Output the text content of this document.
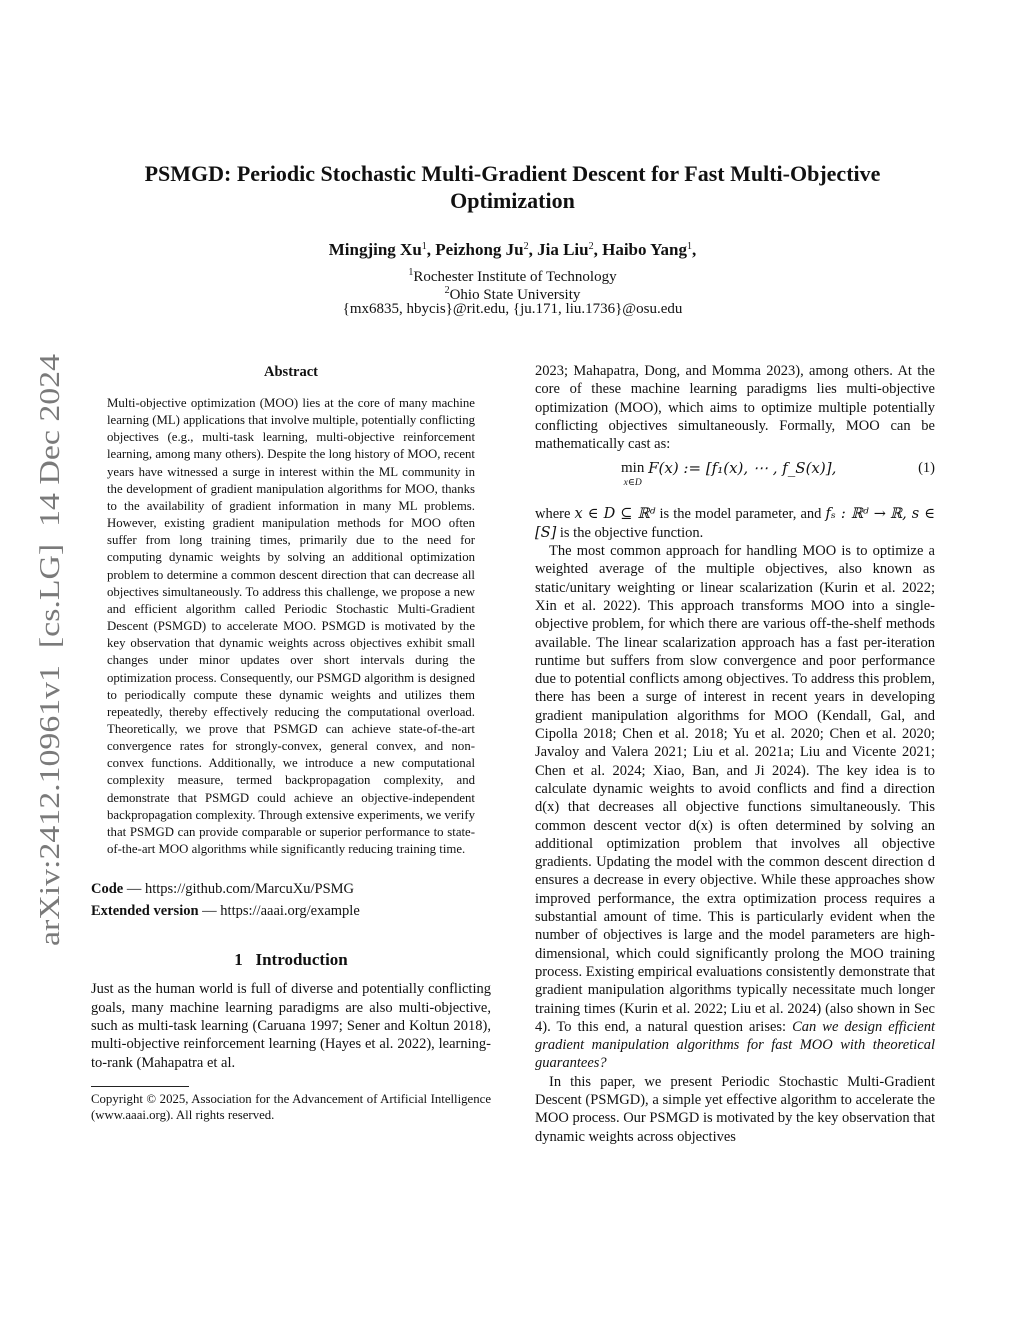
arXiv:2412.10961v1  [cs.LG]  14 Dec 2024
PSMGD: Periodic Stochastic Multi-Gradient Descent for Fast Multi-Objective Optimization
Mingjing Xu$^1$, Peizhong Ju$^2$, Jia Liu$^2$, Haibo Yang$^1$,
$^1$Rochester Institute of Technology
$^2$Ohio State University
{mx6835, hbycis}@rit.edu, {ju.171, liu.1736}@osu.edu
Abstract

Multi-objective optimization (MOO) lies at the core of many machine learning (ML) applications that involve multiple, potentially conflicting objectives (e.g., multi-task learning, multi-objective reinforcement learning, among many others). Despite the long history of MOO, recent years have witnessed a surge in interest within the ML community in the development of gradient manipulation algorithms for MOO, thanks to the availability of gradient information in many ML problems. However, existing gradient manipulation methods for MOO often suffer from long training times, primarily due to the need for computing dynamic weights by solving an additional optimization problem to determine a common descent direction that can decrease all objectives simultaneously. To address this challenge, we propose a new and efficient algorithm called Periodic Stochastic Multi-Gradient Descent (PSMGD) to accelerate MOO. PSMGD is motivated by the key observation that dynamic weights across objectives exhibit small changes under minor updates over short intervals during the optimization process. Consequently, our PSMGD algorithm is designed to periodically compute these dynamic weights and utilizes them repeatedly, thereby effectively reducing the computational overload. Theoretically, we prove that PSMGD can achieve state-of-the-art convergence rates for strongly-convex, general convex, and non-convex functions. Additionally, we introduce a new computational complexity measure, termed backpropagation complexity, and demonstrate that PSMGD could achieve an objective-independent backpropagation complexity. Through extensive experiments, we verify that PSMGD can provide comparable or superior performance to state-of-the-art MOO algorithms while significantly reducing training time.

Code — https://github.com/MarcuXu/PSMG
Extended version — https://aaai.org/example
1 Introduction

Just as the human world is full of diverse and potentially conflicting goals, many machine learning paradigms are also multi-objective, such as multi-task learning (Caruana 1997; Sener and Koltun 2018), multi-objective reinforcement learning (Hayes et al. 2022), learning-to-rank (Mahapatra et al.

Copyright © 2025, Association for the Advancement of Artificial Intelligence (www.aaai.org). All rights reserved.

2023; Mahapatra, Dong, and Momma 2023), among others. At the core of these machine learning paradigms lies multi-objective optimization (MOO), which aims to optimize multiple potentially conflicting objectives simultaneously. Formally, MOO can be mathematically cast as:

min
x∈D
F(x) := [f₁(x), ⋯ , f_S(x)],	(1)

where x ∈ D ⊆ ℝᵈ is the model parameter, and fₛ : ℝᵈ → ℝ, s ∈ [S] is the objective function.

The most common approach for handling MOO is to optimize a weighted average of the multiple objectives, also known as static/unitary weighting or linear scalarization (Kurin et al. 2022; Xin et al. 2022). This approach transforms MOO into a single-objective problem, for which there are various off-the-shelf methods available. The linear scalarization approach has a fast per-iteration runtime but suffers from slow convergence and poor performance due to potential conflicts among objectives. To address this problem, there has been a surge of interest in recent years in developing gradient manipulation algorithms for MOO (Kendall, Gal, and Cipolla 2018; Chen et al. 2018; Yu et al. 2020; Chen et al. 2020; Javaloy and Valera 2021; Liu et al. 2021a; Liu and Vicente 2021; Chen et al. 2024; Xiao, Ban, and Ji 2024). The key idea is to calculate dynamic weights to avoid conflicts and find a direction d(x) that decreases all objective functions simultaneously. This common descent vector d(x) is often determined by solving an additional optimization problem that involves all objective gradients. Updating the model with the common descent direction d ensures a decrease in every objective. While these approaches show improved performance, the extra optimization process requires a substantial amount of time. This is particularly evident when the number of objectives is large and the model parameters are high-dimensional, which could significantly prolong the MOO training process. Existing empirical evaluations consistently demonstrate that gradient manipulation algorithms typically necessitate much longer training times (Kurin et al. 2022; Liu et al. 2024) (also shown in Sec 4). To this end, a natural question arises: Can we design efficient gradient manipulation algorithms for fast MOO with theoretical guarantees?

In this paper, we present Periodic Stochastic Multi-Gradient Descent (PSMGD), a simple yet effective algorithm to accelerate the MOO process. Our PSMGD is motivated by the key observation that dynamic weights across objectives
